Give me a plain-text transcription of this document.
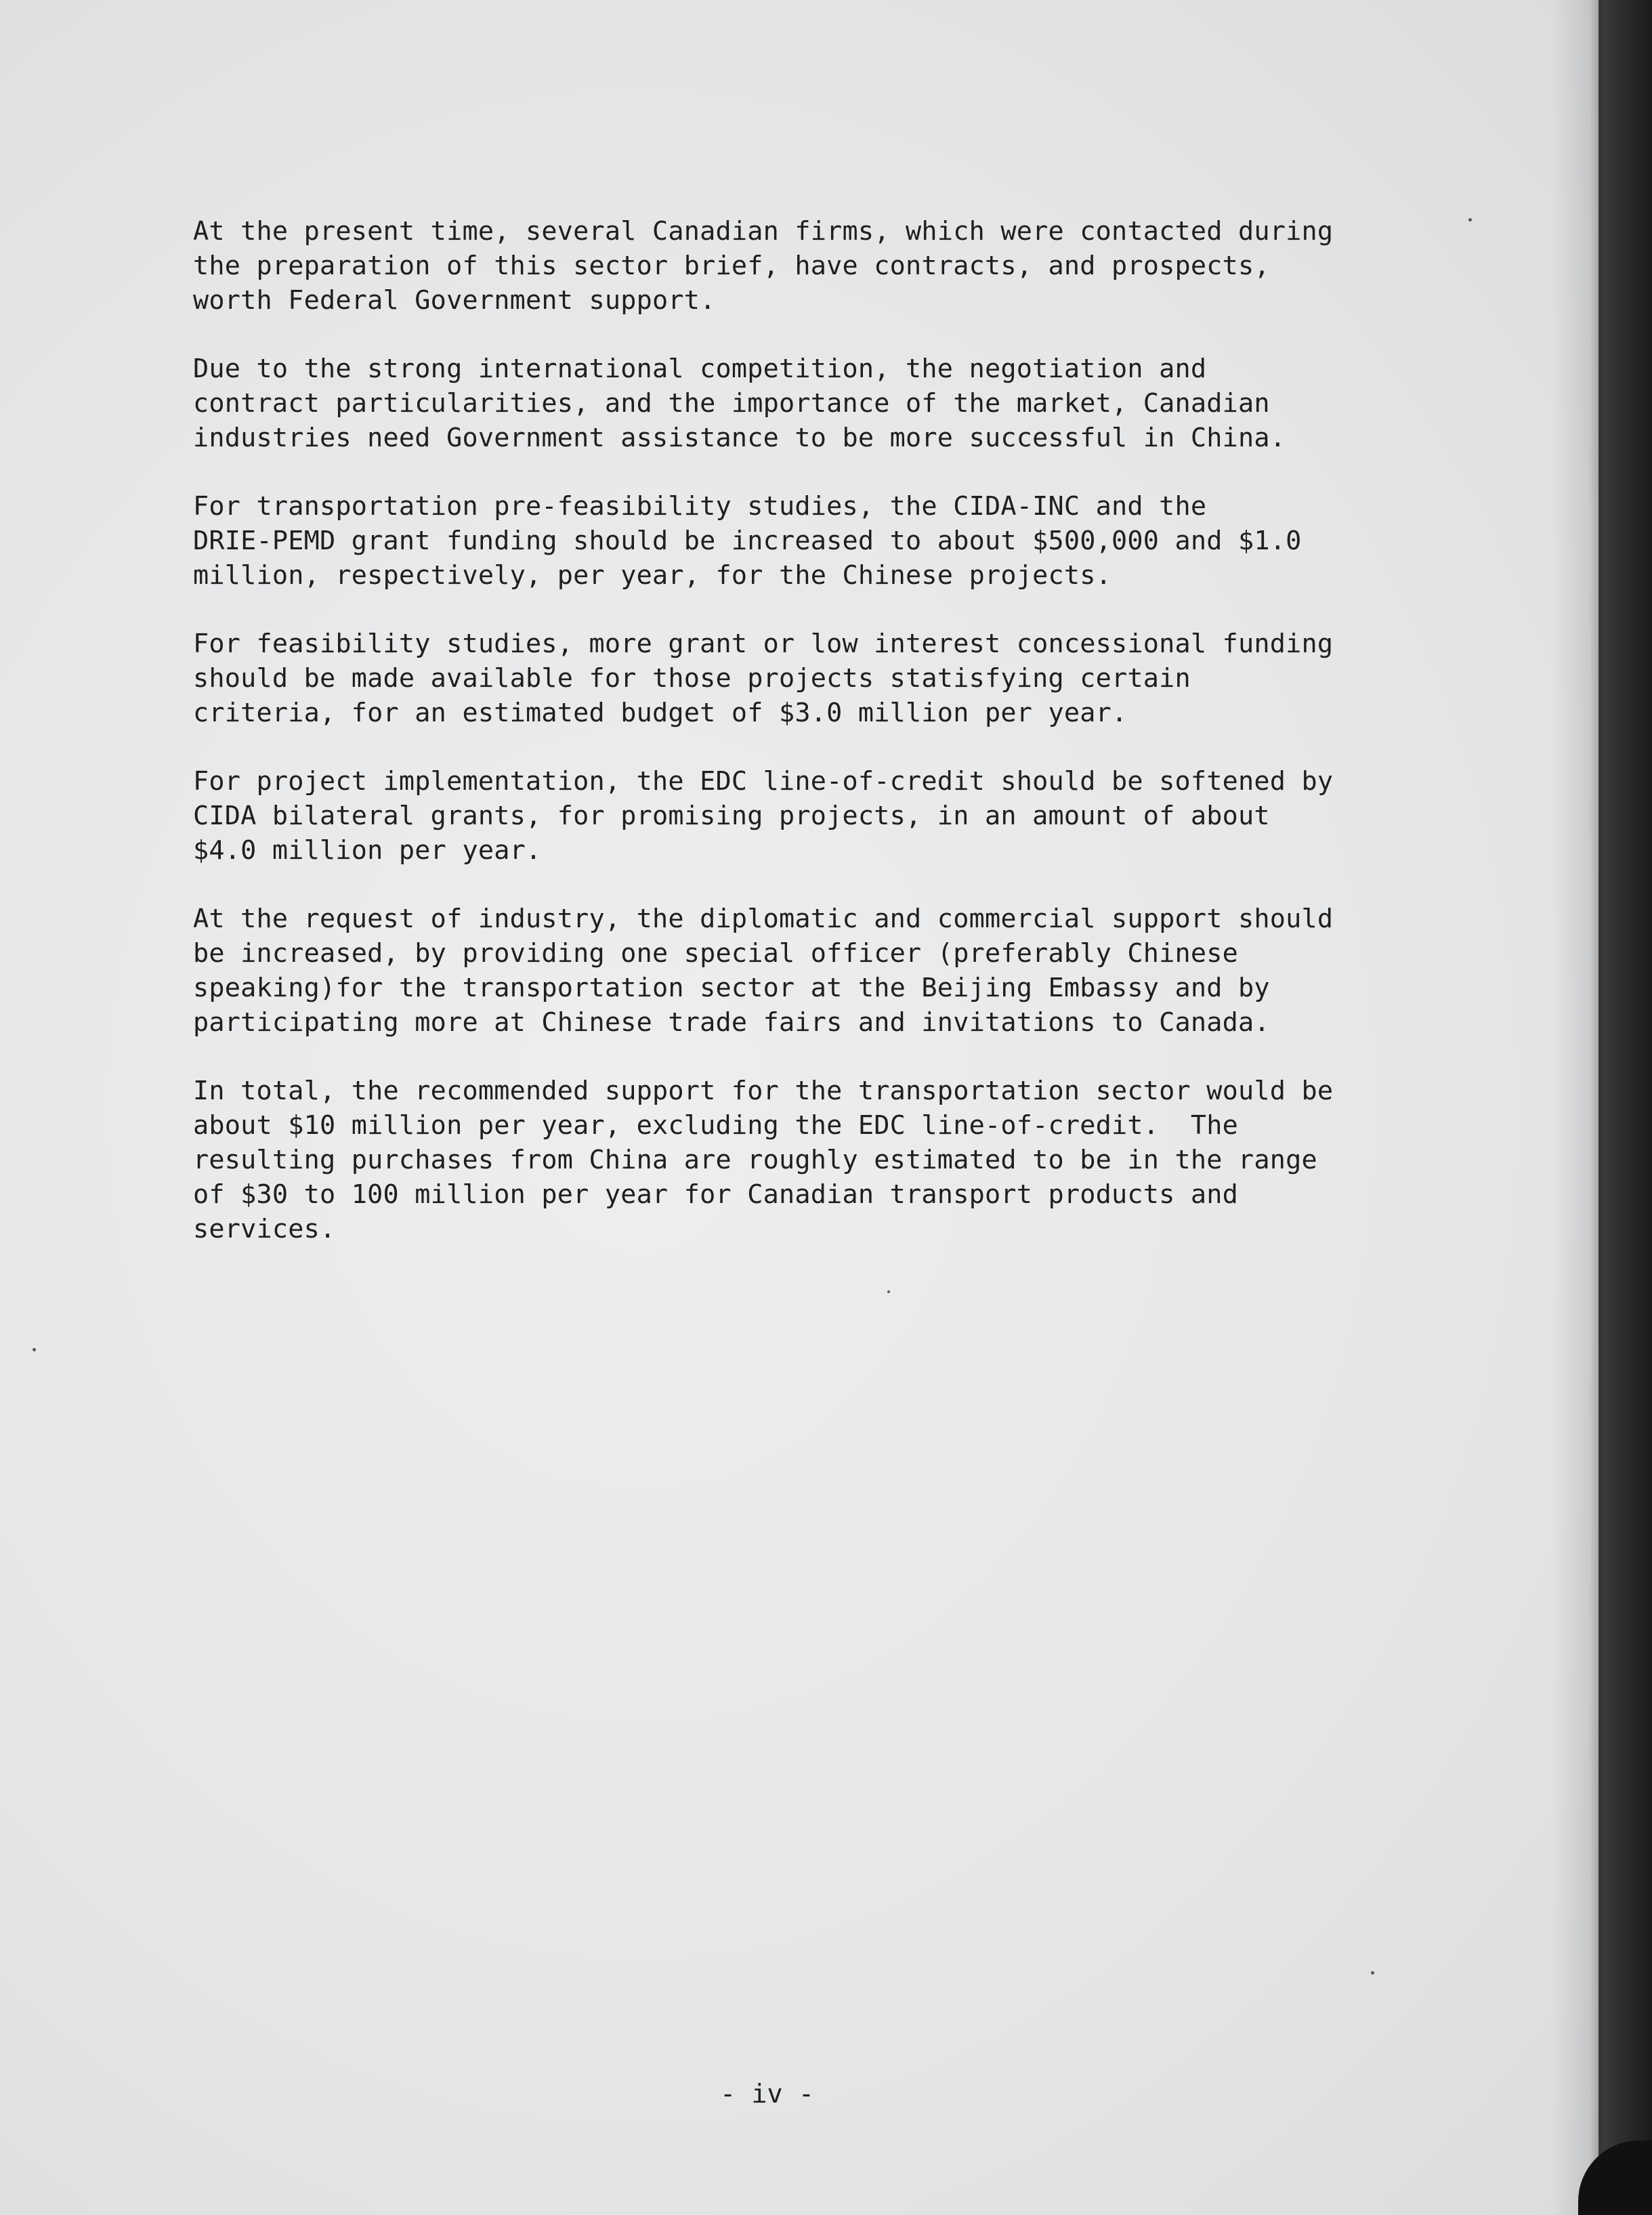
At the present time, several Canadian firms, which were contacted during
the preparation of this sector brief, have contracts, and prospects,
worth Federal Government support.
Due to the strong international competition, the negotiation and
contract particularities, and the importance of the market, Canadian
industries need Government assistance to be more successful in China.
For transportation pre-feasibility studies, the CIDA-INC and the
DRIE-PEMD grant funding should be increased to about $500,000 and $1.0
million, respectively, per year, for the Chinese projects.
For feasibility studies, more grant or low interest concessional funding
should be made available for those projects statisfying certain
criteria, for an estimated budget of $3.0 million per year.
For project implementation, the EDC line-of-credit should be softened by
CIDA bilateral grants, for promising projects, in an amount of about
$4.0 million per year.
At the request of industry, the diplomatic and commercial support should
be increased, by providing one special officer (preferably Chinese
speaking)for the transportation sector at the Beijing Embassy and by
participating more at Chinese trade fairs and invitations to Canada.
In total, the recommended support for the transportation sector would be
about $10 million per year, excluding the EDC line-of-credit.  The
resulting purchases from China are roughly estimated to be in the range
of $30 to 100 million per year for Canadian transport products and
services.
- iv -
